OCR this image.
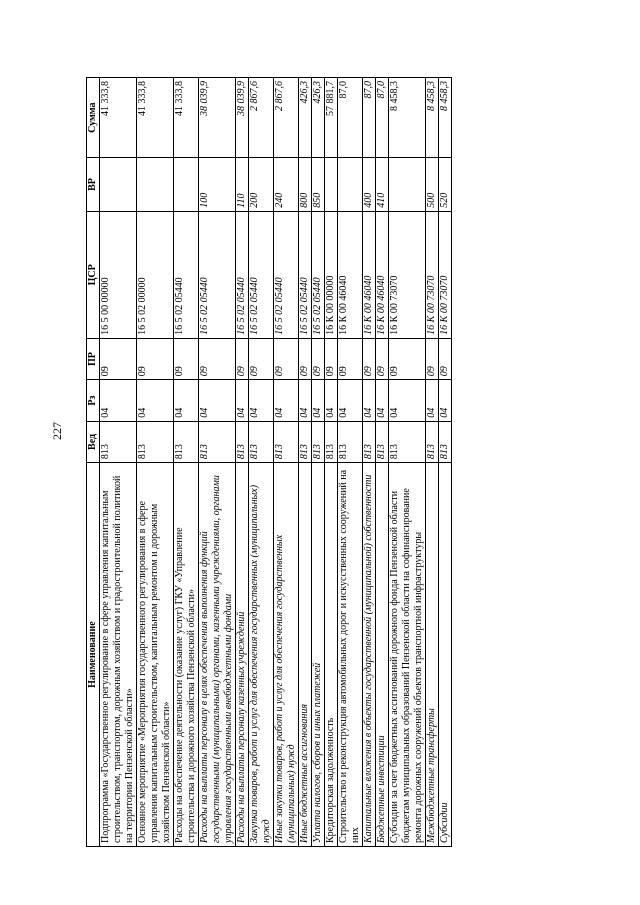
227
Наименование	Вед	Рз	ПР	ЦСР	ВР	Сумма
Подпрограмма «Государственное регулирование в сфере управления капитальным строительством, транспортом, дорожным хозяйством и градостроительной политикой на территории Пензенской области»	813	04	09	16 5 00 00000		41 333,8
Основное мероприятие «Мероприятия государственного регулирования в сфере управления капитальным строительством, капитальным ремонтом и дорожным хозяйством Пензенской области»	813	04	09	16 5 02 00000		41 333,8
Расходы на обеспечение деятельности (оказание услуг) ГКУ «Управление строительства и дорожного хозяйства Пензенской области»	813	04	09	16 5 02 05440		41 333,8
Расходы на выплаты персоналу в целях обеспечения выполнения функций государственными (муниципальными) органами, казенными учреждениями, органами управления государственными внебюджетными фондами	813	04	09	16 5 02 05440	100	38 039,9
Расходы на выплаты персоналу казенных учреждений	813	04	09	16 5 02 05440	110	38 039,9
Закупка товаров, работ и услуг для обеспечения государственных (муниципальных) нужд	813	04	09	16 5 02 05440	200	2 867,6
Иные закупки товаров, работ и услуг для обеспечения государственных (муниципальных) нужд	813	04	09	16 5 02 05440	240	2 867,6
Иные бюджетные ассигнования	813	04	09	16 5 02 05440	800	426,3
Уплата налогов, сборов и иных платежей	813	04	09	16 5 02 05440	850	426,3
Кредиторская задолженность	813	04	09	16 К 00 00000		57 881,7
Строительство и реконструкция автомобильных дорог и искусственных сооружений на них	813	04	09	16 К 00 46040		87,0
Капитальные вложения в объекты государственной (муниципальной) собственности	813	04	09	16 К 00 46040	400	87,0
Бюджетные инвестиции	813	04	09	16 К 00 46040	410	87,0
Субсидии за счет бюджетных ассигнований дорожного фонда Пензенской области бюджетам муниципальных образований Пензенской области на софинансирование ремонта дорожных сооружений объектов транспортной инфраструктуры	813	04	09	16 К 00 73070		8 458,3
Межбюджетные трансферты	813	04	09	16 К 00 73070	500	8 458,3
Субсидии	813	04	09	16 К 00 73070	520	8 458,3
